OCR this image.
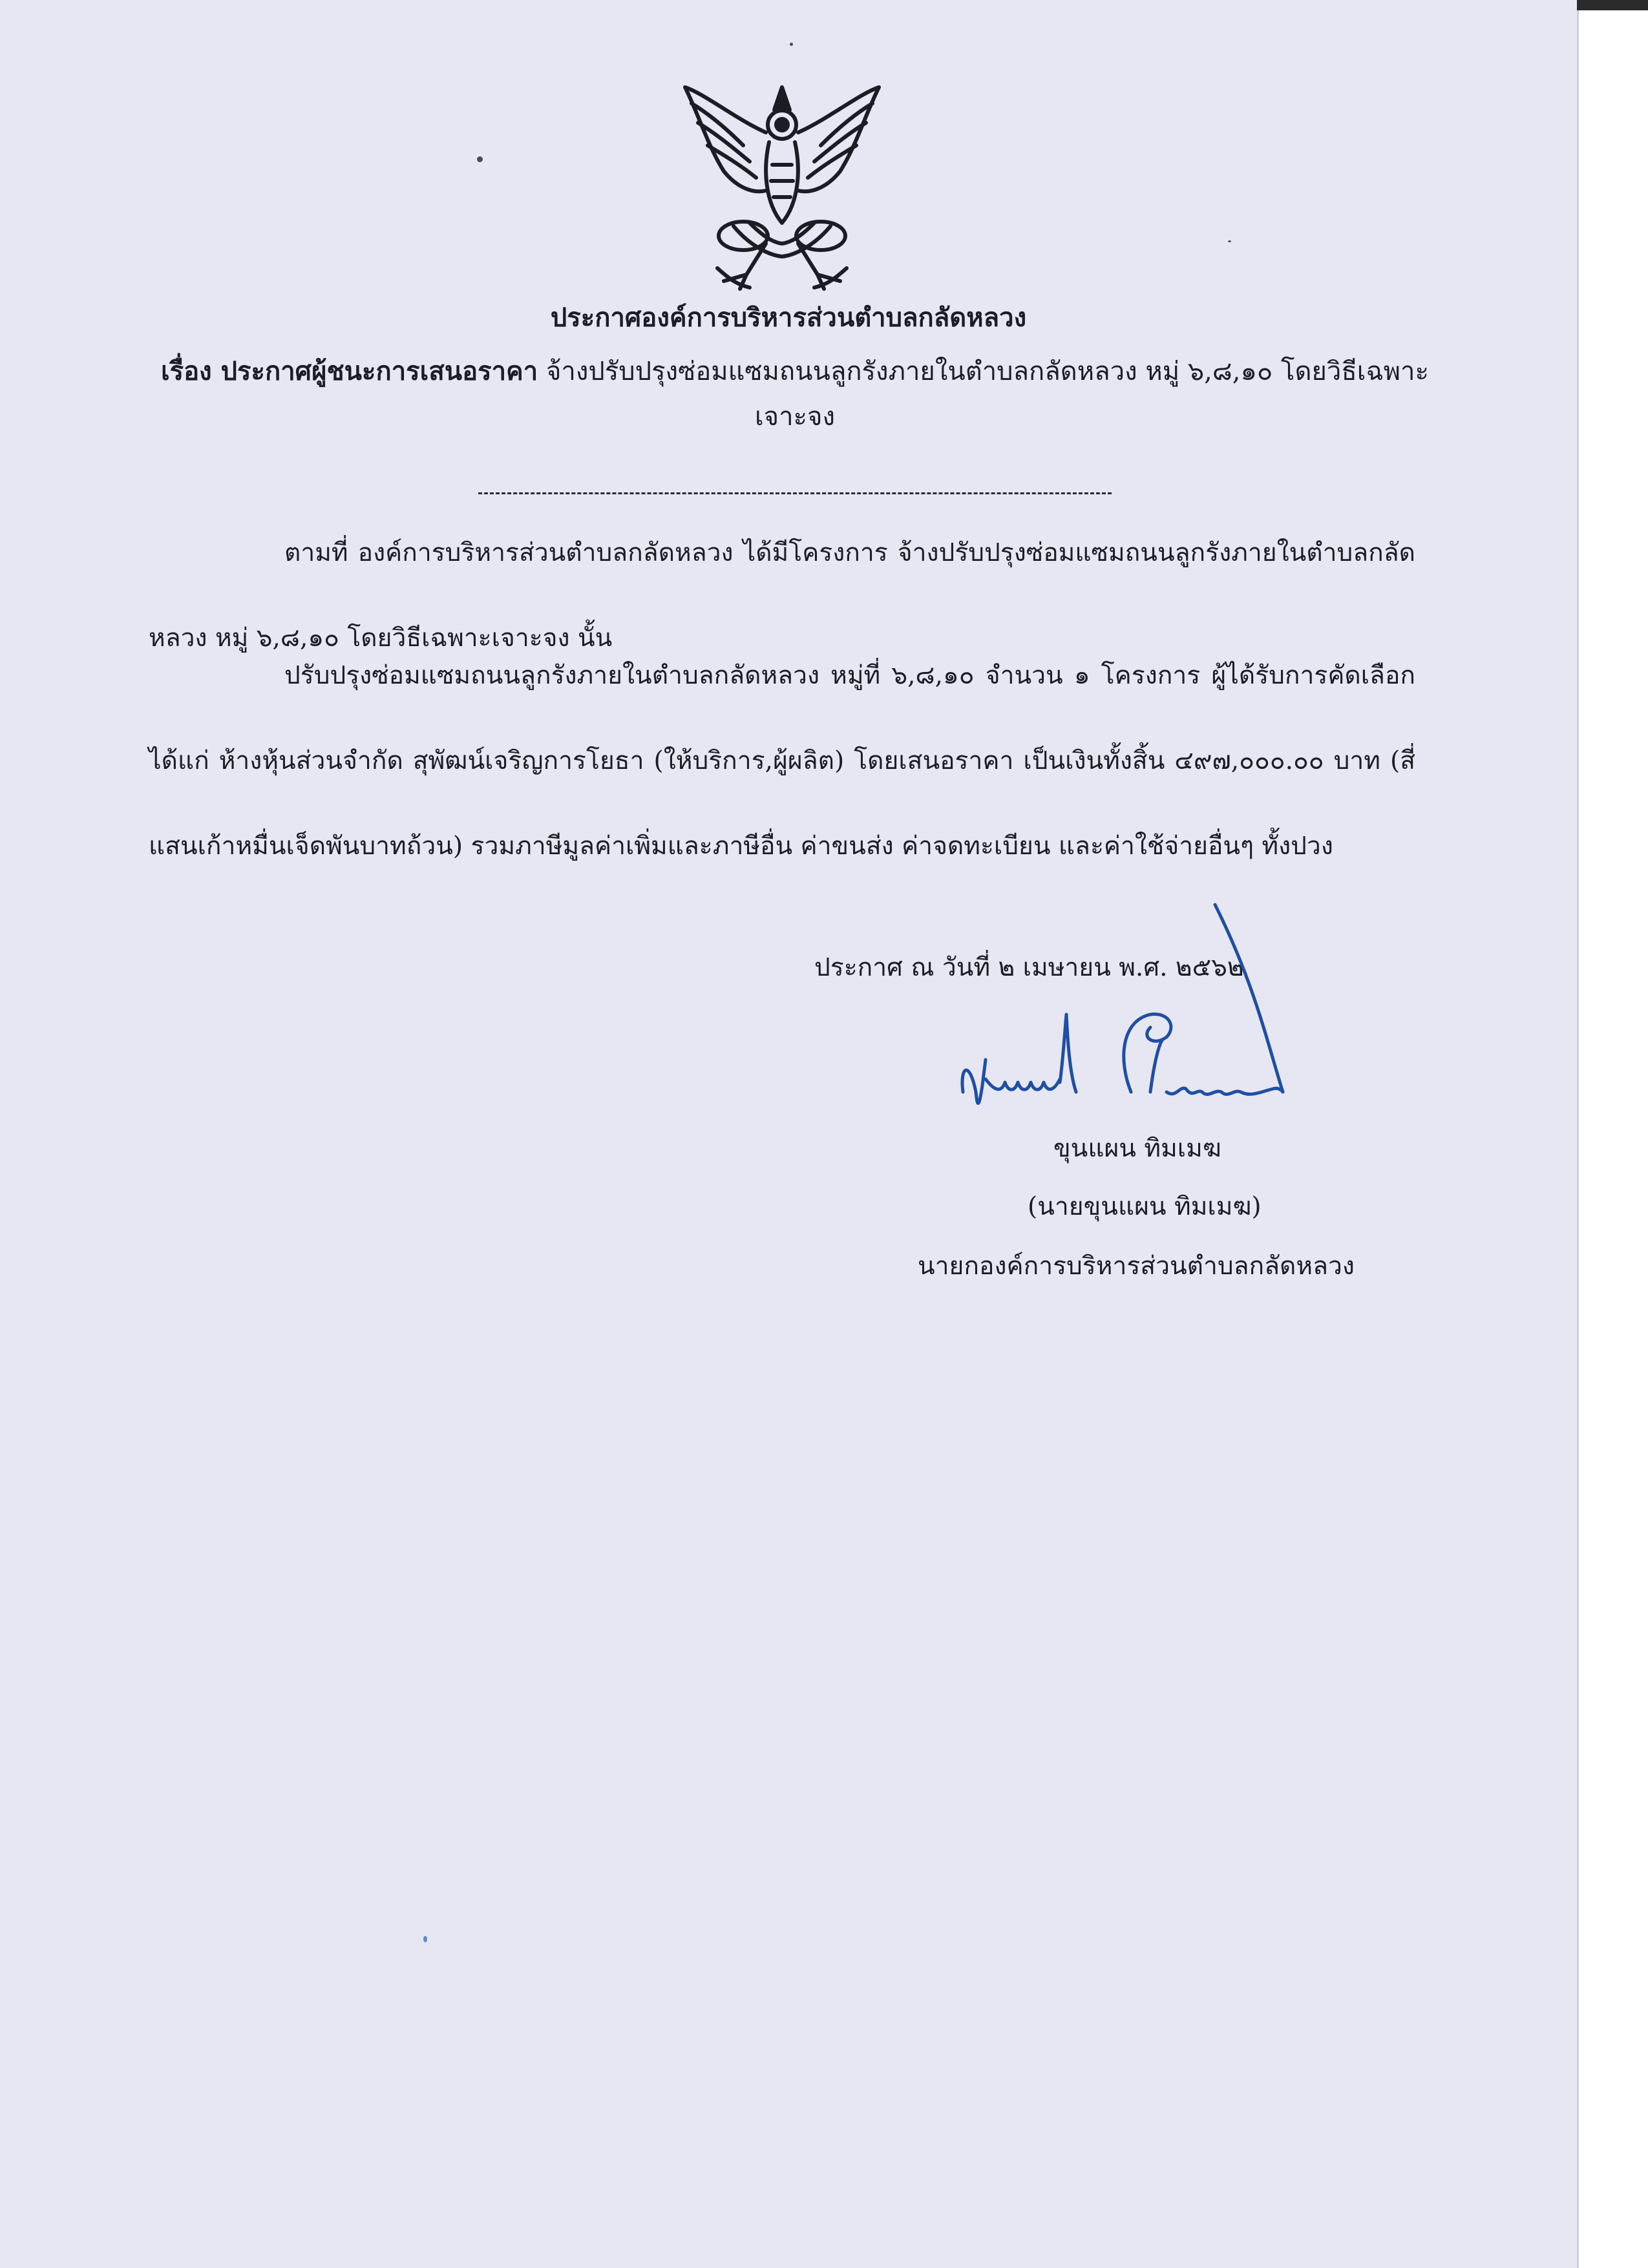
ประกาศองค์การบริหารส่วนตำบลกลัดหลวง
เรื่อง ประกาศผู้ชนะการเสนอราคา จ้างปรับปรุงซ่อมแซมถนนลูกรังภายในตำบลกลัดหลวง หมู่ ๖,๘,๑๐ โดยวิธีเฉพาะเจาะจง
ตามที่ องค์การบริหารส่วนตำบลกลัดหลวง ได้มีโครงการ จ้างปรับปรุงซ่อมแซมถนนลูกรังภายในตำบลกลัดหลวง หมู่ ๖,๘,๑๐ โดยวิธีเฉพาะเจาะจง นั้น
ปรับปรุงซ่อมแซมถนนลูกรังภายในตำบลกลัดหลวง หมู่ที่ ๖,๘,๑๐ จำนวน ๑ โครงการ ผู้ได้รับการคัดเลือก ได้แก่ ห้างหุ้นส่วนจำกัด สุพัฒน์เจริญการโยธา (ให้บริการ,ผู้ผลิต) โดยเสนอราคา เป็นเงินทั้งสิ้น ๔๙๗,๐๐๐.๐๐ บาท (สี่แสนเก้าหมื่นเจ็ดพันบาทถ้วน) รวมภาษีมูลค่าเพิ่มและภาษีอื่น ค่าขนส่ง ค่าจดทะเบียน และค่าใช้จ่ายอื่นๆ ทั้งปวง
ประกาศ ณ วันที่ ๒ เมษายน พ.ศ. ๒๕๖๒
ขุนแผน ทิมเมฆ
(นายขุนแผน ทิมเมฆ)
นายกองค์การบริหารส่วนตำบลกลัดหลวง
